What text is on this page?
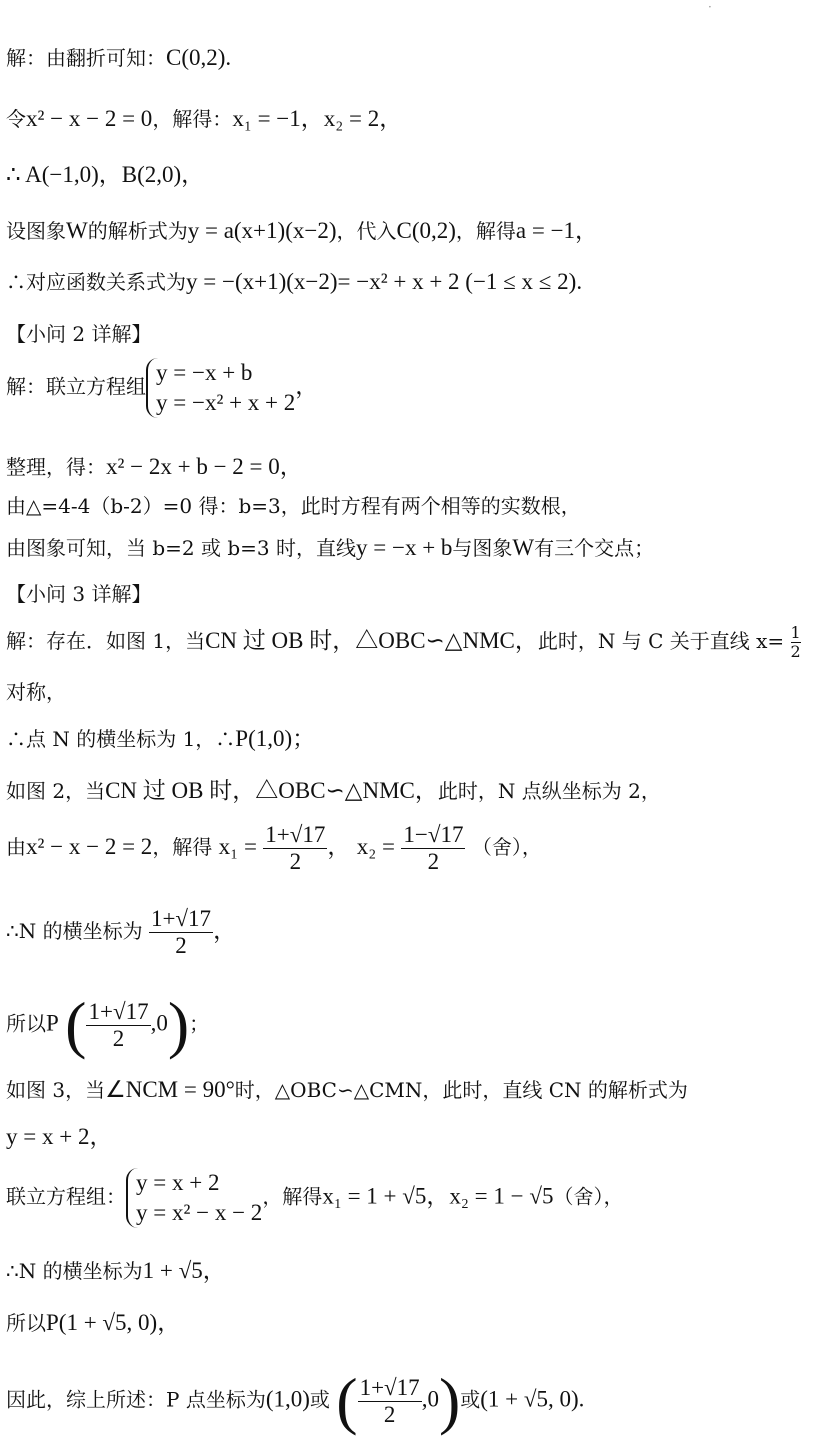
解：由翻折可知：C(0,2).
令x² − x − 2 = 0，解得：x₁ = −1，x₂ = 2，
∴ A(−1,0)，B(2,0)，
设图象W的解析式为y = a(x+1)(x−2)，代入C(0,2)，解得a = −1，
∴对应函数关系式为y = −(x+1)(x−2)= −x² + x + 2 (−1 ≤ x ≤ 2).
【小问 2 详解】
解：联立方程组
y = −x + b
y = −x² + x + 2
，
整理，得：x² − 2x + b − 2 = 0，
由△=4-4（b-2）=0 得：b=3，此时方程有两个相等的实数根，
由图象可知，当 b=2 或 b=3 时，直线y = −x + b与图象W有三个交点；
【小问 3 详解】
解：存在．如图 1，当CN 过 OB 时，△OBC∽△NMC，此时，N 与 C 关于直线 $x= \frac{1}{2}$
对称，
∴点 N 的横坐标为 1，∴P(1,0)；
如图 2，当CN 过 OB 时，△OBC∽△NMC，此时，N 点纵坐标为 2，
由x² − x − 2 = 2，解得 $x_1 = \frac{1+√17}{2}$ ， $x_2 = \frac{1-√17}{2}$ （舍），
∴N 的横坐标为 $\frac{1+√17}{2}$ ，
所以P ( $\frac{1+√17}{2} ,0$)；
如图 3，当∠NCM = 90°时，△OBC∽△CMN，此时，直线 CN 的解析式为
y = x + 2，
联立方程组：
y = x + 2
y = x² − x − 2
，解得x₁ = 1 + √5，x₂ = 1 − √5（舍），
∴N 的横坐标为1 + √5，
所以P(1 + √5, 0)，
因此，综上所述：P 点坐标为(1,0)或 ( $\frac{1+√17}{2} ,0$)或(1 + √5, 0).
·
